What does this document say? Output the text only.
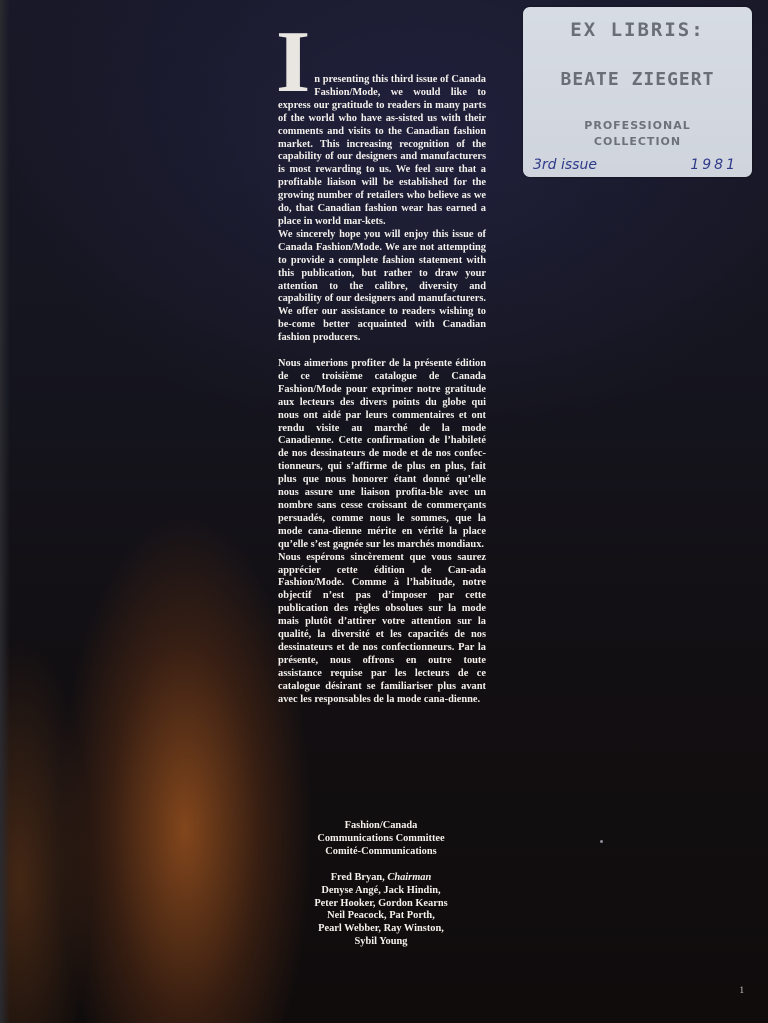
EX LIBRIS:
BEATE ZIEGERT
PROFESSIONAL
COLLECTION
3rd issue	1981
I n presenting this third issue of Canada Fashion/Mode, we would like to express our gratitude to readers in many parts of the world who have as-sisted us with their comments and visits to the Canadian fashion market. This increasing recognition of the capability of our designers and manufacturers is most rewarding to us. We feel sure that a profitable liaison will be established for the growing number of retailers who believe as we do, that Canadian fashion wear has earned a place in world mar-kets.

We sincerely hope you will enjoy this issue of Canada Fashion/Mode. We are not attempting to provide a complete fashion statement with this publication, but rather to draw your attention to the calibre, diversity and capability of our designers and manufacturers. We offer our assistance to readers wishing to be-come better acquainted with Canadian fashion producers.

Nous aimerions profiter de la présente édition de ce troisième catalogue de Canada Fashion/Mode pour exprimer notre gratitude aux lecteurs des divers points du globe qui nous ont aidé par leurs commentaires et ont rendu visite au marché de la mode Canadienne. Cette confirmation de l’habileté de nos dessinateurs de mode et de nos confec-tionneurs, qui s’affirme de plus en plus, fait plus que nous honorer étant donné qu’elle nous assure une liaison profita-ble avec un nombre sans cesse croissant de commerçants persuadés, comme nous le sommes, que la mode cana-dienne mérite en vérité la place qu’elle s’est gagnée sur les marchés mondiaux.

Nous espérons sincèrement que vous saurez apprécier cette édition de Can-ada Fashion/Mode. Comme à l’habitude, notre objectif n’est pas d’imposer par cette publication des règles obsolues sur la mode mais plutôt d’attirer votre attention sur la qualité, la diversité et les capacités de nos dessinateurs et de nos confectionneurs. Par la présente, nous offrons en outre toute assistance requise par les lecteurs de ce catalogue désirant se familiariser plus avant avec les responsables de la mode cana-dienne.

Fashion/Canada
Communications Committee
Comité-Communications
Fred Bryan, Chairman
Denyse Angé, Jack Hindin,
Peter Hooker, Gordon Kearns
Neil Peacock, Pat Porth,
Pearl Webber, Ray Winston,
Sybil Young
1
